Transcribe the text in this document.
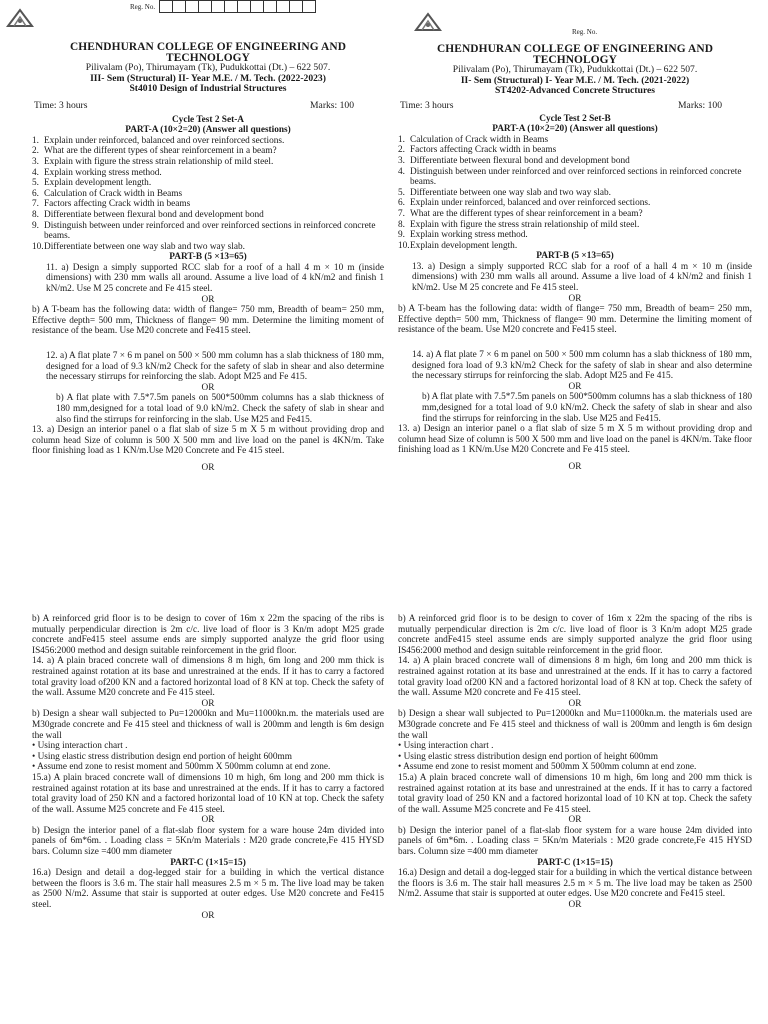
Reg. No.

CHENDHURAN COLLEGE OF ENGINEERING AND TECHNOLOGY

Pilivalam (Po), Thirumayam (Tk), Pudukkottai (Dt.) – 622 507.

III- Sem (Structural) II- Year M.E. / M. Tech. (2022-2023)

St4010 Design of Industrial Structures

Time: 3 hours	Marks: 100

Cycle Test 2 Set-A

PART-A (10×2=20) (Answer all questions)

1. Explain under reinforced, balanced and over reinforced sections.
2. What are the different types of shear reinforcement in a beam?
3. Explain with figure the stress strain relationship of mild steel.
4. Explain working stress method.
5. Explain development length.
6. Calculation of Crack width in Beams
7. Factors affecting Crack width in beams
8. Differentiate between flexural bond and development bond
9. Distinguish between under reinforced and over reinforced sections in reinforced concrete beams.
10. Differentiate between one way slab and two way slab.

PART-B (5 ×13=65)

11. a) Design a simply supported RCC slab for a roof of a hall 4 m × 10 m (inside dimensions) with 230 mm walls all around. Assume a live load of 4 kN/m2 and finish 1 kN/m2. Use M 25 concrete and Fe 415 steel.

OR

b) A T-beam has the following data: width of flange= 750 mm, Breadth of beam= 250 mm, Effective depth= 500 mm, Thickness of flange= 90 mm. Determine the limiting moment of resistance of the beam. Use M20 concrete and Fe415 steel.

12. a) A flat plate 7 × 6 m panel on 500 × 500 mm column has a slab thickness of 180 mm, designed for a load of 9.3 kN/m2 Check for the safety of slab in shear and also determine the necessary stirrups for reinforcing the slab. Adopt M25 and Fe 415.

OR

b) A flat plate with 7.5*7.5m panels on 500*500mm columns has a slab thickness of 180 mm,designed for a total load of 9.0 kN/m2. Check the safety of slab in shear and also find the stirrups for reinforcing in the slab. Use M25 and Fe415.

13. a) Design an interior panel o a flat slab of size 5 m X 5 m without providing drop and column head Size of column is 500 X 500 mm and live load on the panel is 4KN/m. Take floor finishing load as 1 KN/m.Use M20 Concrete and Fe 415 steel.

OR

Reg. No.

CHENDHURAN COLLEGE OF ENGINEERING AND TECHNOLOGY

Pilivalam (Po), Thirumayam (Tk), Pudukkottai (Dt.) – 622 507.

II- Sem (Structural) I- Year M.E. / M. Tech. (2021-2022)

ST4202-Advanced Concrete Structures

Time: 3 hours	Marks: 100

Cycle Test 2 Set-B

PART-A (10×2=20) (Answer all questions)

1. Calculation of Crack width in Beams
2. Factors affecting Crack width in beams
3. Differentiate between flexural bond and development bond
4. Distinguish between under reinforced and over reinforced sections in reinforced concrete beams.
5. Differentiate between one way slab and two way slab.
6. Explain under reinforced, balanced and over reinforced sections.
7. What are the different types of shear reinforcement in a beam?
8. Explain with figure the stress strain relationship of mild steel.
9. Explain working stress method.
10. Explain development length.

PART-B (5 ×13=65)

13. a) Design a simply supported RCC slab for a roof of a hall 4 m × 10 m (inside dimensions) with 230 mm walls all around. Assume a live load of 4 kN/m2 and finish 1 kN/m2. Use M 25 concrete and Fe 415 steel.

OR

b) A T-beam has the following data: width of flange= 750 mm, Breadth of beam= 250 mm, Effective depth= 500 mm, Thickness of flange= 90 mm. Determine the limiting moment of resistance of the beam. Use M20 concrete and Fe415 steel.

14. a) A flat plate 7 × 6 m panel on 500 × 500 mm column has a slab thickness of 180 mm, designed fora load of 9.3 kN/m2 Check for the safety of slab in shear and also determine the necessary stirrups for reinforcing the slab. Adopt M25 and Fe 415.

OR

b) A flat plate with 7.5*7.5m panels on 500*500mm columns has a slab thickness of 180 mm,designed for a total load of 9.0 kN/m2. Check the safety of slab in shear and also find the stirrups for reinforcing in the slab. Use M25 and Fe415.

13. a) Design an interior panel o a flat slab of size 5 m X 5 m without providing drop and column head Size of column is 500 X 500 mm and live load on the panel is 4KN/m. Take floor finishing load as 1 KN/m.Use M20 Concrete and Fe 415 steel.

OR

b) A reinforced grid floor is to be design to cover of 16m x 22m the spacing of the ribs is mutually perpendicular direction is 2m c/c. live load of floor is 3 Kn/m adopt M25 grade concrete andFe415 steel assume ends are simply supported analyze the grid floor using IS456:2000 method and design suitable reinforcement in the grid floor.

14. a) A plain braced concrete wall of dimensions 8 m high, 6m long and 200 mm thick is restrained against rotation at its base and unrestrained at the ends. If it has to carry a factored total gravity load of200 KN and a factored horizontal load of 8 KN at top. Check the safety of the wall. Assume M20 concrete and Fe 415 steel.

OR

b) Design a shear wall subjected to Pu=12000kn and Mu=11000kn.m. the materials used are M30grade concrete and Fe 415 steel and thickness of wall is 200mm and length is 6m design the wall

• Using interaction chart .

• Using elastic stress distribution design end portion of height 600mm

• Assume end zone to resist moment and 500mm X 500mm column at end zone.

15.a) A plain braced concrete wall of dimensions 10 m high, 6m long and 200 mm thick is restrained against rotation at its base and unrestrained at the ends. If it has to carry a factored total gravity load of 250 KN and a factored horizontal load of 10 KN at top. Check the safety of the wall. Assume M25 concrete and Fe 415 steel.

OR

b) Design the interior panel of a flat-slab floor system for a ware house 24m divided into panels of 6m*6m. . Loading class = 5Kn/m Materials : M20 grade concrete,Fe 415 HYSD bars. Column size =400 mm diameter

PART-C (1×15=15)

16.a) Design and detail a dog-legged stair for a building in which the vertical distance between the floors is 3.6 m. The stair hall measures 2.5 m × 5 m. The live load may be taken as 2500 N/m2. Assume that stair is supported at outer edges. Use M20 concrete and Fe415 steel.

OR

b) A reinforced grid floor is to be design to cover of 16m x 22m the spacing of the ribs is mutually perpendicular direction is 2m c/c. live load of floor is 3 Kn/m adopt M25 grade concrete andFe415 steel assume ends are simply supported analyze the grid floor using IS456:2000 method and design suitable reinforcement in the grid floor.

14. a) A plain braced concrete wall of dimensions 8 m high, 6m long and 200 mm thick is restrained against rotation at its base and unrestrained at the ends. If it has to carry a factored total gravity load of200 KN and a factored horizontal load of 8 KN at top. Check the safety of the wall. Assume M20 concrete and Fe 415 steel.

OR

b) Design a shear wall subjected to Pu=12000kn and Mu=11000kn.m. the materials used are M30grade concrete and Fe 415 steel and thickness of wall is 200mm and length is 6m design the wall

• Using interaction chart .

• Using elastic stress distribution design end portion of height 600mm

• Assume end zone to resist moment and 500mm X 500mm column at end zone.

15.a) A plain braced concrete wall of dimensions 10 m high, 6m long and 200 mm thick is restrained against rotation at its base and unrestrained at the ends. If it has to carry a factored total gravity load of 250 KN and a factored horizontal load of 10 KN at top. Check the safety of the wall. Assume M25 concrete and Fe 415 steel.

OR

b) Design the interior panel of a flat-slab floor system for a ware house 24m divided into panels of 6m*6m. . Loading class = 5Kn/m Materials : M20 grade concrete,Fe 415 HYSD bars. Column size =400 mm diameter

PART-C (1×15=15)

16.a) Design and detail a dog-legged stair for a building in which the vertical distance between the floors is 3.6 m. The stair hall measures 2.5 m × 5 m. The live load may be taken as 2500 N/m2. Assume that stair is supported at outer edges. Use M20 concrete and Fe415 steel.

OR
